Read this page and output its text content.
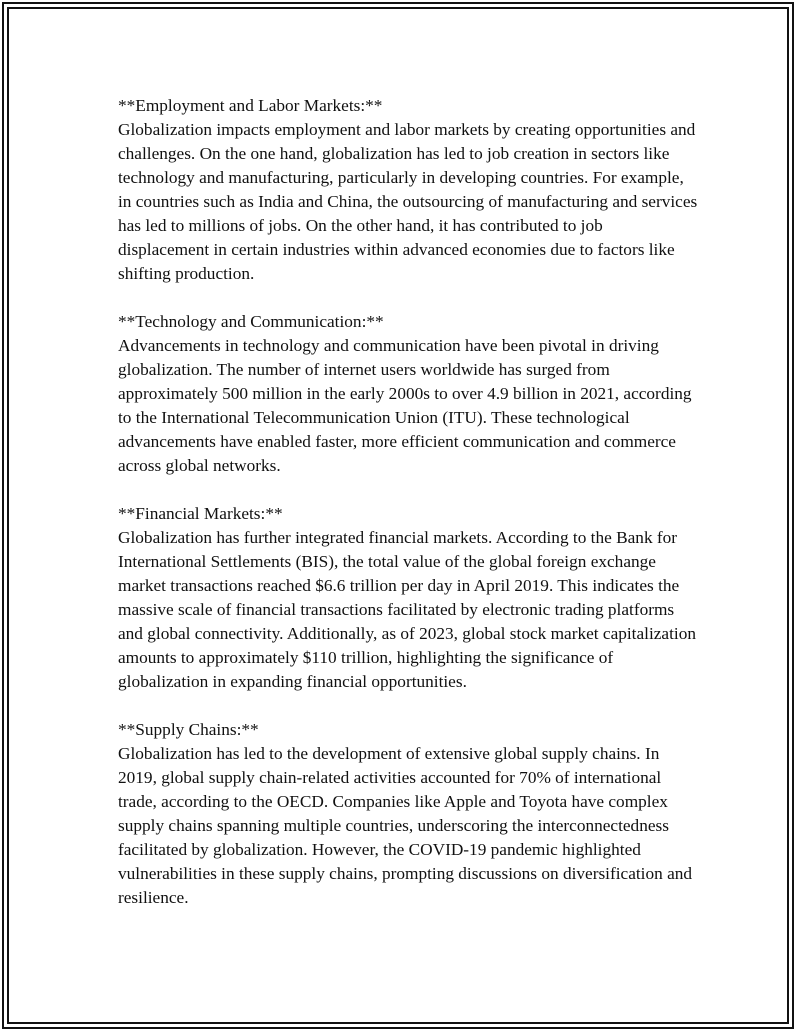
**Employment and Labor Markets:**

Globalization impacts employment and labor markets by creating opportunities and challenges. On the one hand, globalization has led to job creation in sectors like technology and manufacturing, particularly in developing countries. For example, in countries such as India and China, the outsourcing of manufacturing and services has led to millions of jobs. On the other hand, it has contributed to job displacement in certain industries within advanced economies due to factors like shifting production.

**Technology and Communication:**

Advancements in technology and communication have been pivotal in driving globalization. The number of internet users worldwide has surged from approximately 500 million in the early 2000s to over 4.9 billion in 2021, according to the International Telecommunication Union (ITU). These technological advancements have enabled faster, more efficient communication and commerce across global networks.

**Financial Markets:**

Globalization has further integrated financial markets. According to the Bank for International Settlements (BIS), the total value of the global foreign exchange market transactions reached $6.6 trillion per day in April 2019. This indicates the massive scale of financial transactions facilitated by electronic trading platforms and global connectivity. Additionally, as of 2023, global stock market capitalization amounts to approximately $110 trillion, highlighting the significance of globalization in expanding financial opportunities.

**Supply Chains:**

Globalization has led to the development of extensive global supply chains. In 2019, global supply chain-related activities accounted for 70% of international trade, according to the OECD. Companies like Apple and Toyota have complex supply chains spanning multiple countries, underscoring the interconnectedness facilitated by globalization. However, the COVID-19 pandemic highlighted vulnerabilities in these supply chains, prompting discussions on diversification and resilience.
